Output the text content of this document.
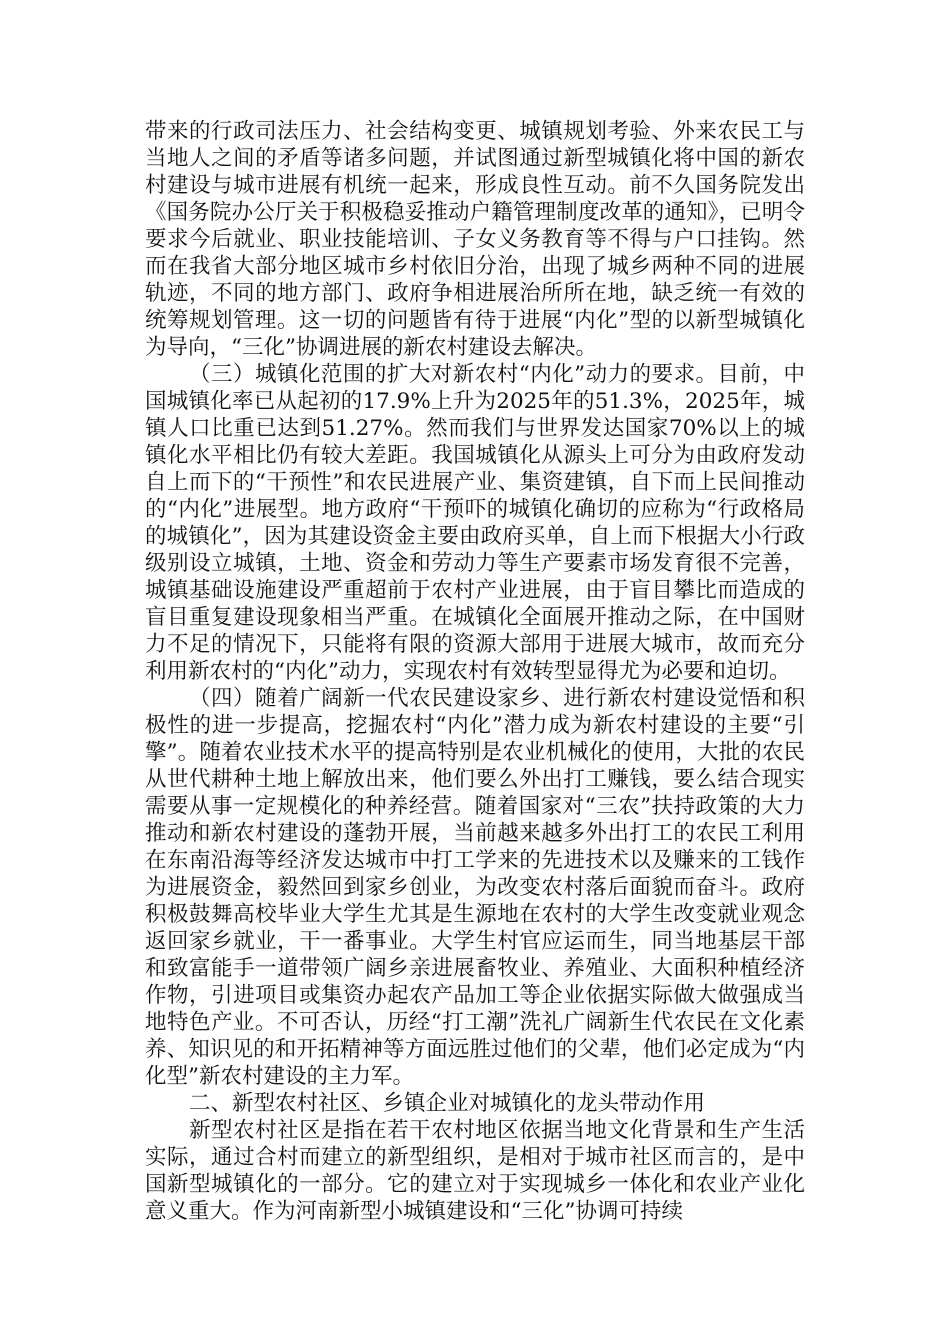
带来的行政司法压力、社会结构变更、城镇规划考验、外来农民工与当地人之间的矛盾等诸多问题，并试图通过新型城镇化将中国的新农村建设与城市进展有机统一起来，形成良性互动。前不久国务院发出《国务院办公厅关于积极稳妥推动户籍管理制度改革的通知》，已明令要求今后就业、职业技能培训、子女义务教育等不得与户口挂钩。然而在我省大部分地区城市乡村依旧分治，出现了城乡两种不同的进展轨迹，不同的地方部门、政府争相进展治所所在地，缺乏统一有效的统筹规划管理。这一切的问题皆有待于进展“内化”型的以新型城镇化为导向，“三化”协调进展的新农村建设去解决。

（三）城镇化范围的扩大对新农村“内化”动力的要求。目前，中国城镇化率已从起初的17.9%上升为2025年的51.3%，2025年，城镇人口比重已达到51.27%。然而我们与世界发达国家70%以上的城镇化水平相比仍有较大差距。我国城镇化从源头上可分为由政府发动自上而下的“干预性”和农民进展产业、集资建镇，自下而上民间推动的“内化”进展型。地方政府“干预吓的城镇化确切的应称为“行政格局的城镇化”，因为其建设资金主要由政府买单，自上而下根据大小行政级别设立城镇，土地、资金和劳动力等生产要素市场发育很不完善，城镇基础设施建设严重超前于农村产业进展，由于盲目攀比而造成的盲目重复建设现象相当严重。在城镇化全面展开推动之际，在中国财力不足的情况下，只能将有限的资源大部用于进展大城市，故而充分利用新农村的“内化”动力，实现农村有效转型显得尤为必要和迫切。

（四）随着广阔新一代农民建设家乡、进行新农村建设觉悟和积极性的进一步提高，挖掘农村“内化”潜力成为新农村建设的主要“引擎”。随着农业技术水平的提高特别是农业机械化的使用，大批的农民从世代耕种土地上解放出来，他们要么外出打工赚钱，要么结合现实需要从事一定规模化的种养经营。随着国家对“三农”扶持政策的大力推动和新农村建设的蓬勃开展，当前越来越多外出打工的农民工利用在东南沿海等经济发达城市中打工学来的先进技术以及赚来的工钱作为进展资金，毅然回到家乡创业，为改变农村落后面貌而奋斗。政府积极鼓舞高校毕业大学生尤其是生源地在农村的大学生改变就业观念返回家乡就业，干一番事业。大学生村官应运而生，同当地基层干部和致富能手一道带领广阔乡亲进展畜牧业、养殖业、大面积种植经济作物，引进项目或集资办起农产品加工等企业依据实际做大做强成当地特色产业。不可否认，历经“打工潮”洗礼广阔新生代农民在文化素养、知识见的和开拓精神等方面远胜过他们的父辈，他们必定成为“内化型”新农村建设的主力军。

二、新型农村社区、乡镇企业对城镇化的龙头带动作用

新型农村社区是指在若干农村地区依据当地文化背景和生产生活实际，通过合村而建立的新型组织，是相对于城市社区而言的，是中国新型城镇化的一部分。它的建立对于实现城乡一体化和农业产业化意义重大。作为河南新型小城镇建设和“三化”协调可持续
